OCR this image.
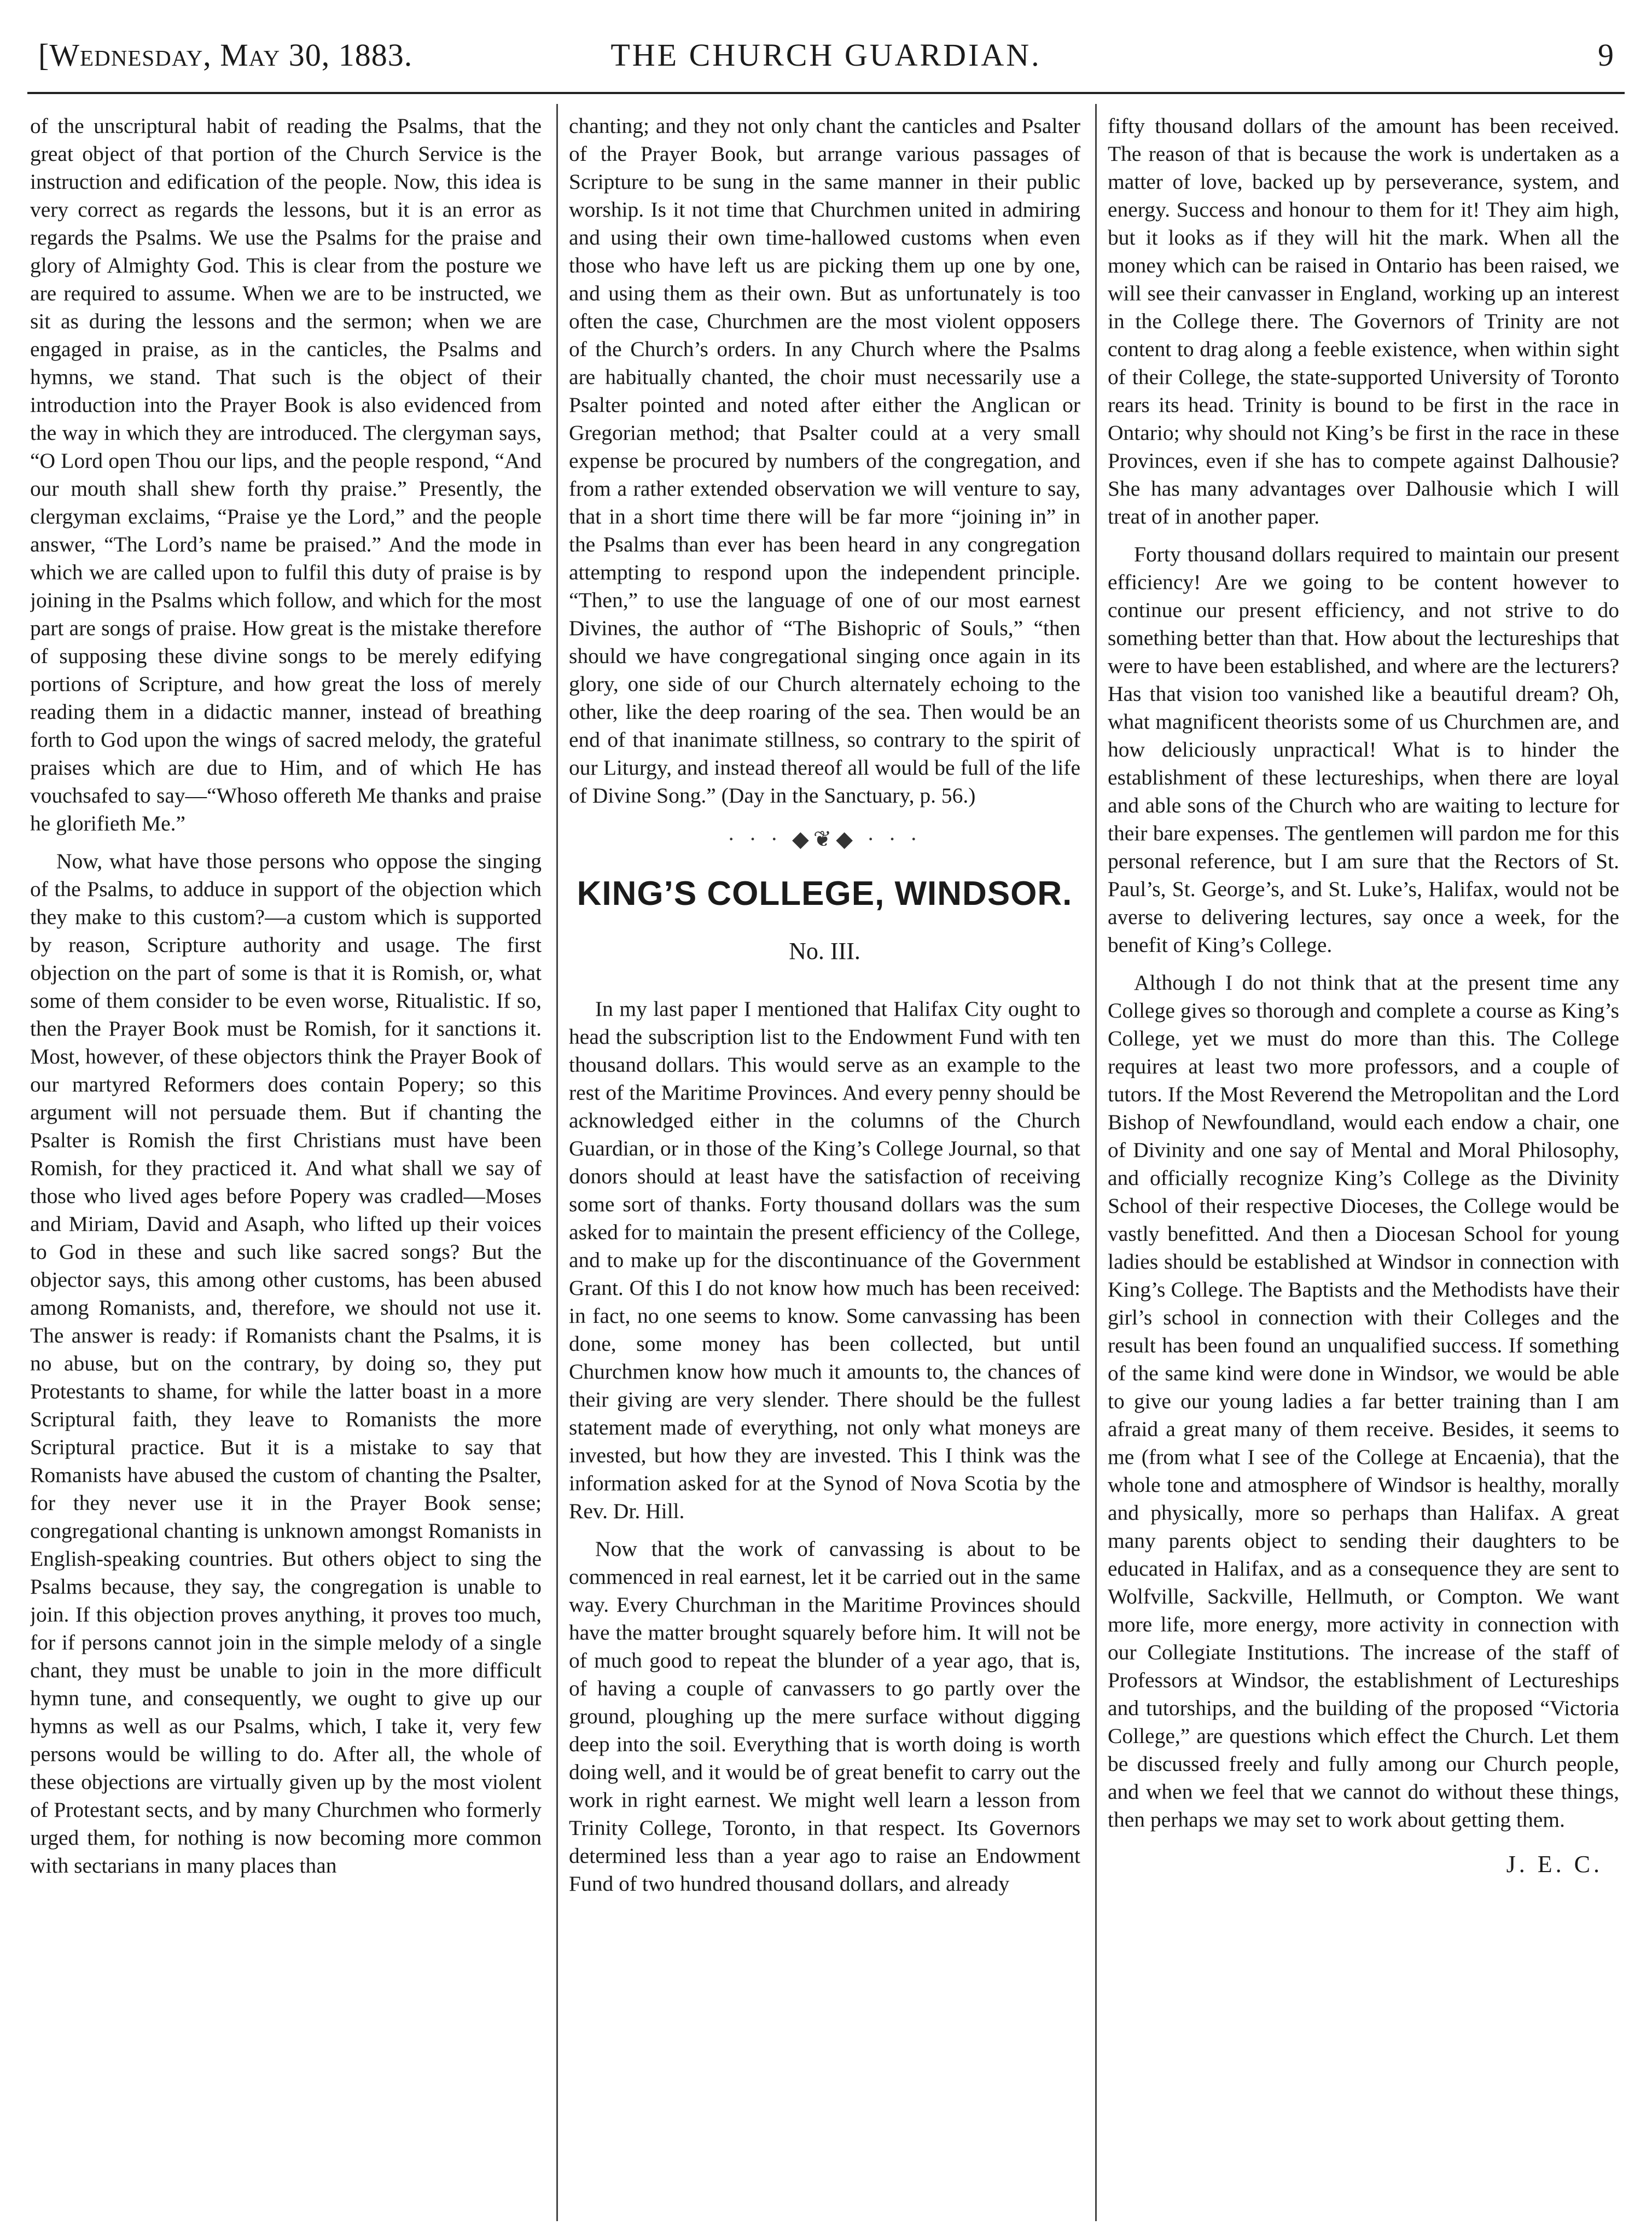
[Wednesday, May 30, 1883.	THE CHURCH GUARDIAN.	9

of the unscriptural habit of reading the Psalms, that the great object of that portion of the Church Service is the instruction and edification of the people. Now, this idea is very correct as regards the lessons, but it is an error as regards the Psalms. We use the Psalms for the praise and glory of Almighty God. This is clear from the posture we are required to assume. When we are to be instructed, we sit as during the lessons and the sermon; when we are engaged in praise, as in the canticles, the Psalms and hymns, we stand. That such is the object of their introduction into the Prayer Book is also evidenced from the way in which they are introduced. The clergyman says, “O Lord open Thou our lips, and the people respond, “And our mouth shall shew forth thy praise.” Presently, the clergyman exclaims, “Praise ye the Lord,” and the people answer, “The Lord’s name be praised.” And the mode in which we are called upon to fulfil this duty of praise is by joining in the Psalms which follow, and which for the most part are songs of praise. How great is the mistake therefore of supposing these divine songs to be merely edifying portions of Scripture, and how great the loss of merely reading them in a didactic manner, instead of breathing forth to God upon the wings of sacred melody, the grateful praises which are due to Him, and of which He has vouchsafed to say—“Whoso offereth Me thanks and praise he glorifieth Me.”

Now, what have those persons who oppose the singing of the Psalms, to adduce in support of the objection which they make to this custom?—a custom which is supported by reason, Scripture authority and usage. The first objection on the part of some is that it is Romish, or, what some of them consider to be even worse, Ritualistic. If so, then the Prayer Book must be Romish, for it sanctions it. Most, however, of these objectors think the Prayer Book of our martyred Reformers does contain Popery; so this argument will not persuade them. But if chanting the Psalter is Romish the first Christians must have been Romish, for they practiced it. And what shall we say of those who lived ages before Popery was cradled—Moses and Miriam, David and Asaph, who lifted up their voices to God in these and such like sacred songs? But the objector says, this among other customs, has been abused among Romanists, and, therefore, we should not use it. The answer is ready: if Romanists chant the Psalms, it is no abuse, but on the contrary, by doing so, they put Protestants to shame, for while the latter boast in a more Scriptural faith, they leave to Romanists the more Scriptural practice. But it is a mistake to say that Romanists have abused the custom of chanting the Psalter, for they never use it in the Prayer Book sense; congregational chanting is unknown amongst Romanists in English-speaking countries. But others object to sing the Psalms because, they say, the congregation is unable to join. If this objection proves anything, it proves too much, for if persons cannot join in the simple melody of a single chant, they must be unable to join in the more difficult hymn tune, and consequently, we ought to give up our hymns as well as our Psalms, which, I take it, very few persons would be willing to do. After all, the whole of these objections are virtually given up by the most violent of Protestant sects, and by many Churchmen who formerly urged them, for nothing is now becoming more common with sectarians in many places than

chanting; and they not only chant the canticles and Psalter of the Prayer Book, but arrange various passages of Scripture to be sung in the same manner in their public worship. Is it not time that Churchmen united in admiring and using their own time-hallowed customs when even those who have left us are picking them up one by one, and using them as their own. But as unfortunately is too often the case, Churchmen are the most violent opposers of the Church’s orders. In any Church where the Psalms are habitually chanted, the choir must necessarily use a Psalter pointed and noted after either the Anglican or Gregorian method; that Psalter could at a very small expense be procured by numbers of the congregation, and from a rather extended observation we will venture to say, that in a short time there will be far more “joining in” in the Psalms than ever has been heard in any congregation attempting to respond upon the independent principle. “Then,” to use the language of one of our most earnest Divines, the author of “The Bishopric of Souls,” “then should we have congregational singing once again in its glory, one side of our Church alternately echoing to the other, like the deep roaring of the sea. Then would be an end of that inanimate stillness, so contrary to the spirit of our Liturgy, and instead thereof all would be full of the life of Divine Song.” (Day in the Sanctuary, p. 56.)

· · · ◆❦◆ · · ·
KING’S COLLEGE, WINDSOR.
No. III.

In my last paper I mentioned that Halifax City ought to head the subscription list to the Endowment Fund with ten thousand dollars. This would serve as an example to the rest of the Maritime Provinces. And every penny should be acknowledged either in the columns of the Church Guardian, or in those of the King’s College Journal, so that donors should at least have the satisfaction of receiving some sort of thanks. Forty thousand dollars was the sum asked for to maintain the present efficiency of the College, and to make up for the discontinuance of the Government Grant. Of this I do not know how much has been received: in fact, no one seems to know. Some canvassing has been done, some money has been collected, but until Churchmen know how much it amounts to, the chances of their giving are very slender. There should be the fullest statement made of everything, not only what moneys are invested, but how they are invested. This I think was the information asked for at the Synod of Nova Scotia by the Rev. Dr. Hill.

Now that the work of canvassing is about to be commenced in real earnest, let it be carried out in the same way. Every Churchman in the Maritime Provinces should have the matter brought squarely before him. It will not be of much good to repeat the blunder of a year ago, that is, of having a couple of canvassers to go partly over the ground, ploughing up the mere surface without digging deep into the soil. Everything that is worth doing is worth doing well, and it would be of great benefit to carry out the work in right earnest. We might well learn a lesson from Trinity College, Toronto, in that respect. Its Governors determined less than a year ago to raise an Endowment Fund of two hundred thousand dollars, and already

fifty thousand dollars of the amount has been received. The reason of that is because the work is undertaken as a matter of love, backed up by perseverance, system, and energy. Success and honour to them for it! They aim high, but it looks as if they will hit the mark. When all the money which can be raised in Ontario has been raised, we will see their canvasser in England, working up an interest in the College there. The Governors of Trinity are not content to drag along a feeble existence, when within sight of their College, the state-supported University of Toronto rears its head. Trinity is bound to be first in the race in Ontario; why should not King’s be first in the race in these Provinces, even if she has to compete against Dalhousie? She has many advantages over Dalhousie which I will treat of in another paper.

Forty thousand dollars required to maintain our present efficiency! Are we going to be content however to continue our present efficiency, and not strive to do something better than that. How about the lectureships that were to have been established, and where are the lecturers? Has that vision too vanished like a beautiful dream? Oh, what magnificent theorists some of us Churchmen are, and how deliciously unpractical! What is to hinder the establishment of these lectureships, when there are loyal and able sons of the Church who are waiting to lecture for their bare expenses. The gentlemen will pardon me for this personal reference, but I am sure that the Rectors of St. Paul’s, St. George’s, and St. Luke’s, Halifax, would not be averse to delivering lectures, say once a week, for the benefit of King’s College.

Although I do not think that at the present time any College gives so thorough and complete a course as King’s College, yet we must do more than this. The College requires at least two more professors, and a couple of tutors. If the Most Reverend the Metropolitan and the Lord Bishop of Newfoundland, would each endow a chair, one of Divinity and one say of Mental and Moral Philosophy, and officially recognize King’s College as the Divinity School of their respective Dioceses, the College would be vastly benefitted. And then a Diocesan School for young ladies should be established at Windsor in connection with King’s College. The Baptists and the Methodists have their girl’s school in connection with their Colleges and the result has been found an unqualified success. If something of the same kind were done in Windsor, we would be able to give our young ladies a far better training than I am afraid a great many of them receive. Besides, it seems to me (from what I see of the College at Encaenia), that the whole tone and atmosphere of Windsor is healthy, morally and physically, more so perhaps than Halifax. A great many parents object to sending their daughters to be educated in Halifax, and as a consequence they are sent to Wolfville, Sackville, Hellmuth, or Compton. We want more life, more energy, more activity in connection with our Collegiate Institutions. The increase of the staff of Professors at Windsor, the establishment of Lectureships and tutorships, and the building of the proposed “Victoria College,” are questions which effect the Church. Let them be discussed freely and fully among our Church people, and when we feel that we cannot do without these things, then perhaps we may set to work about getting them.

J. E. C.
